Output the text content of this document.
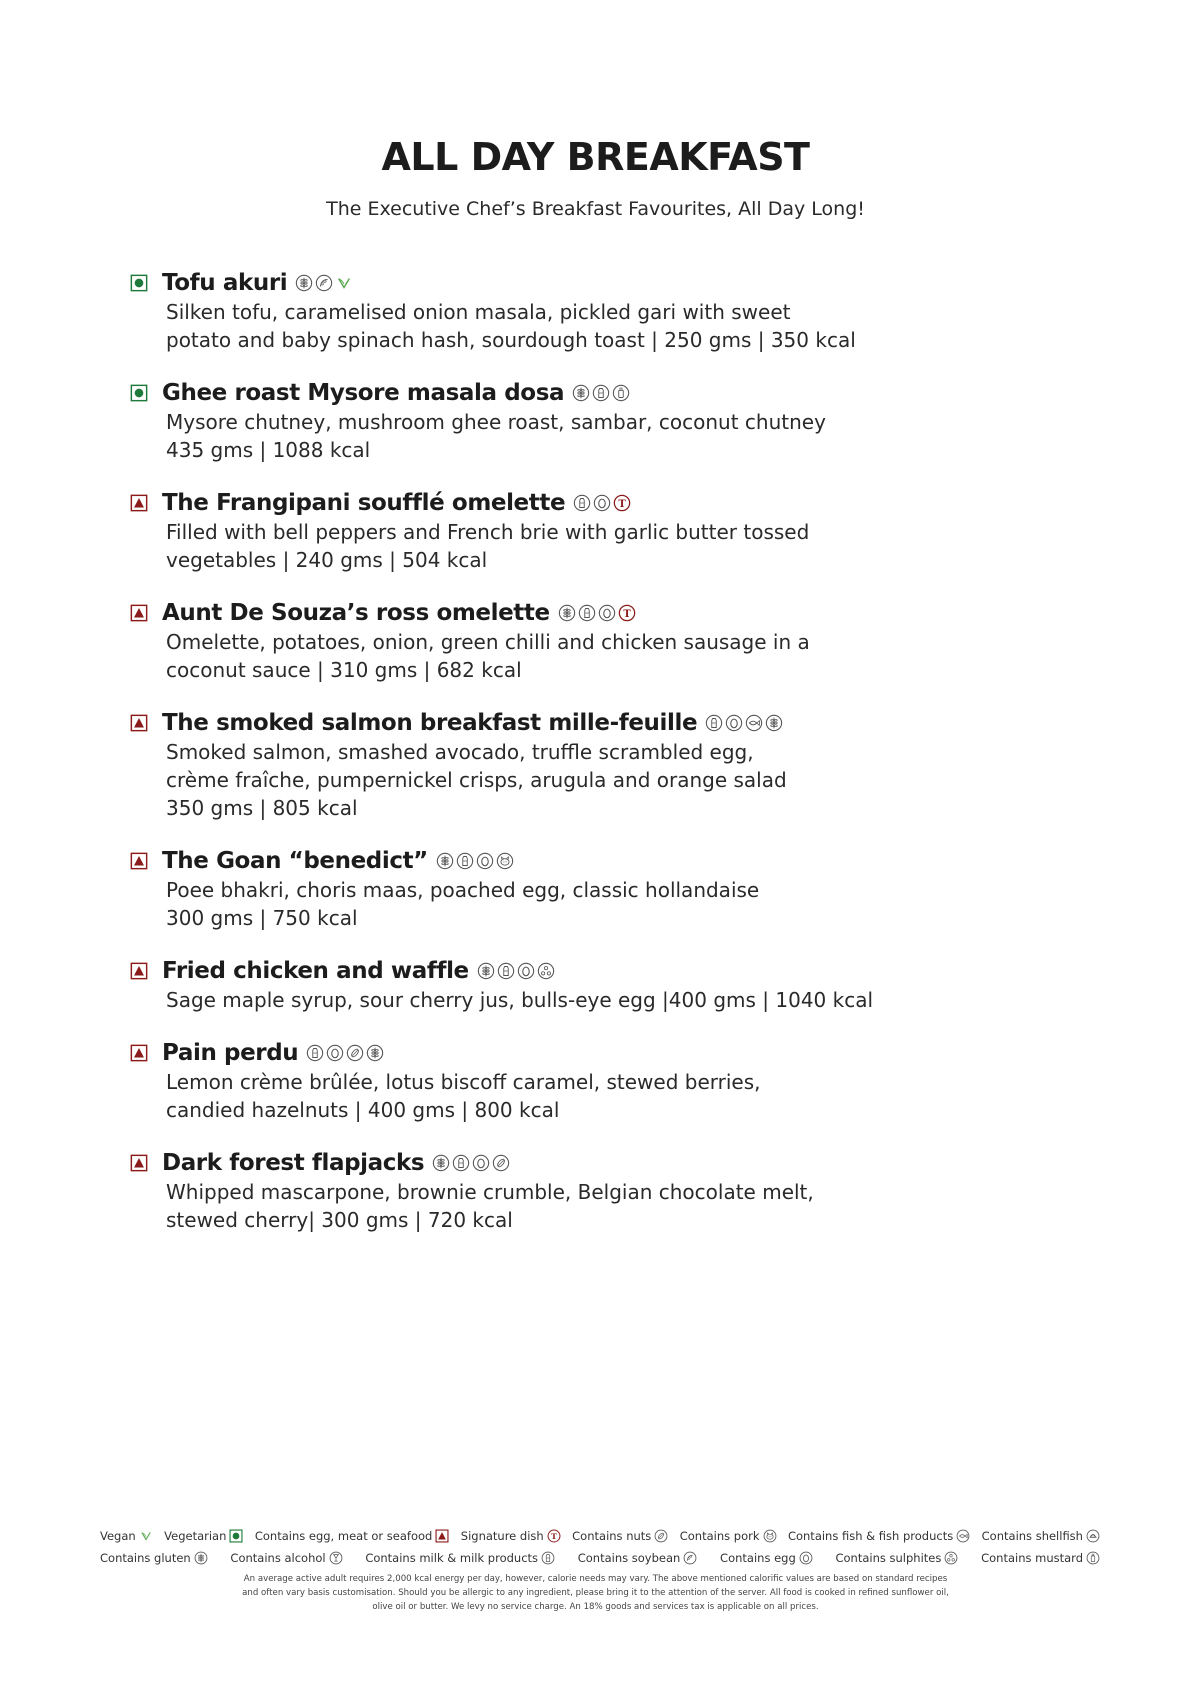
ALL DAY BREAKFAST
The Executive Chef’s Breakfast Favourites, All Day Long!
Tofu akuri
Silken tofu, caramelised onion masala, pickled gari with sweet
potato and baby spinach hash, sourdough toast | 250 gms | 350 kcal
Ghee roast Mysore masala dosa
Mysore chutney, mushroom ghee roast, sambar, coconut chutney
435 gms | 1088 kcal
The Frangipani soufflé omelette	T
Filled with bell peppers and French brie with garlic butter tossed
vegetables | 240 gms | 504 kcal
Aunt De Souza’s ross omelette	T
Omelette, potatoes, onion, green chilli and chicken sausage in a
coconut sauce | 310 gms | 682 kcal
The smoked salmon breakfast mille-feuille
Smoked salmon, smashed avocado, truffle scrambled egg,
crème fraîche, pumpernickel crisps, arugula and orange salad
350 gms | 805 kcal
The Goan “benedict”
Poee bhakri, choris maas, poached egg, classic hollandaise
300 gms | 750 kcal
Fried chicken and waffle
Sage maple syrup, sour cherry jus, bulls-eye egg |400 gms | 1040 kcal
Pain perdu
Lemon crème brûlée, lotus biscoff caramel, stewed berries,
candied hazelnuts | 400 gms | 800 kcal
Dark forest flapjacks
Whipped mascarpone, brownie crumble, Belgian chocolate melt,
stewed cherry| 300 gms | 720 kcal
Vegan Vegetarian Contains egg, meat or seafood Signature dish T Contains nuts Contains pork Contains fish & fish products Contains shellfish
Contains gluten	Contains alcohol	Contains milk & milk products	Contains soybean	Contains egg	Contains sulphites	Contains mustard
An average active adult requires 2,000 kcal energy per day, however, calorie needs may vary. The above mentioned calorific values are based on standard recipes and often vary basis customisation. Should you be allergic to any ingredient, please bring it to the attention of the server. All food is cooked in refined sunflower oil, olive oil or butter. We levy no service charge. An 18% goods and services tax is applicable on all prices.
